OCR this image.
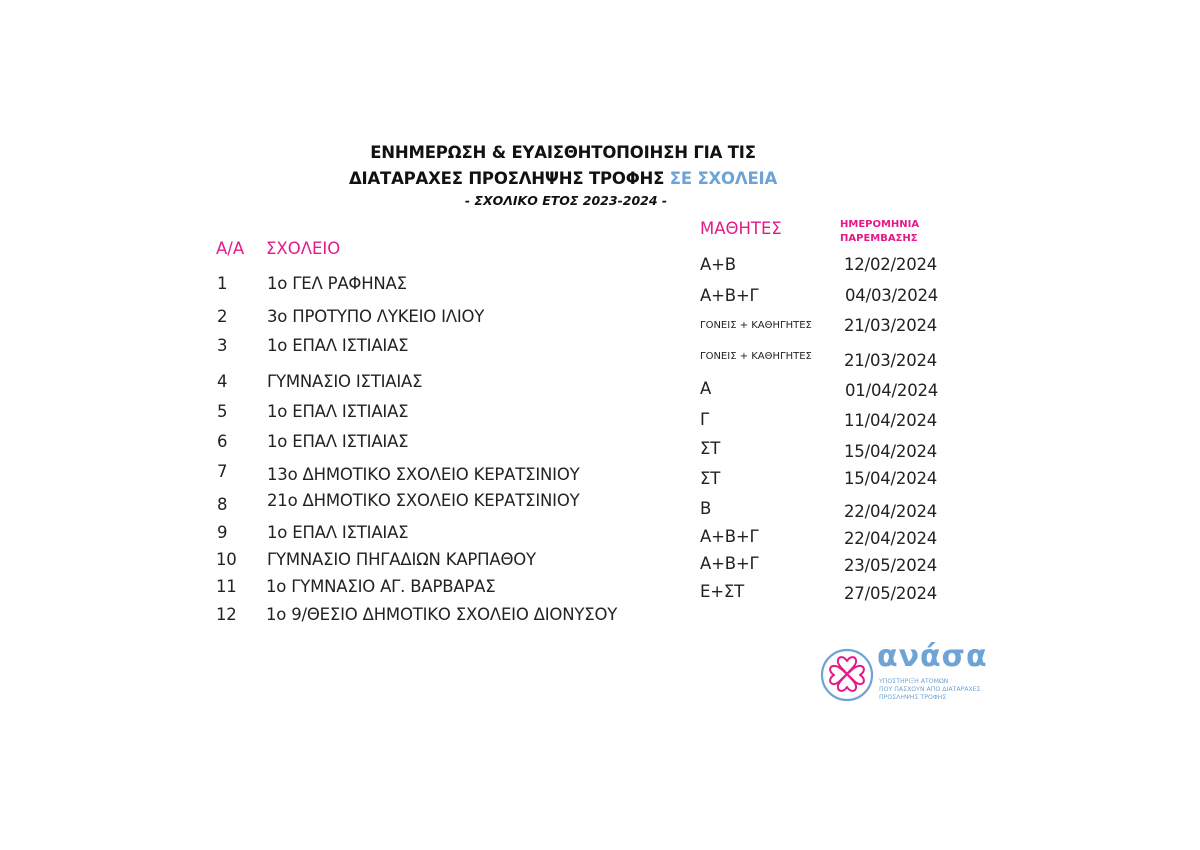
ΕΝΗΜΕΡΩΣΗ & ΕΥΑΙΣΘΗΤΟΠΟΙΗΣΗ ΓΙΑ ΤΙΣ
ΔΙΑΤΑΡΑΧΕΣ ΠΡΟΣΛΗΨΗΣ ΤΡΟΦΗΣ ΣΕ ΣΧΟΛΕΙΑ
- ΣΧΟΛΙΚΟ ΕΤΟΣ 2023-2024 -
Α/Α ΣΧΟΛΕΙΟ
ΜΑΘΗΤΕΣ	ΗΜΕΡΟΜΗΝΙΑ
ΠΑΡΕΜΒΑΣΗΣ
1
2
3
4
5
6
7
8
9
10
11
12
1ο ΓΕΛ ΡΑΦΗΝΑΣ
3ο ΠΡΟΤΥΠΟ ΛΥΚΕΙΟ ΙΛΙΟΥ
1ο ΕΠΑΛ ΙΣΤΙΑΙΑΣ
ΓΥΜΝΑΣΙΟ ΙΣΤΙΑΙΑΣ
1ο ΕΠΑΛ ΙΣΤΙΑΙΑΣ
1ο ΕΠΑΛ ΙΣΤΙΑΙΑΣ
13ο ΔΗΜΟΤΙΚΟ ΣΧΟΛΕΙΟ ΚΕΡΑΤΣΙΝΙΟΥ
21ο ΔΗΜΟΤΙΚΟ ΣΧΟΛΕΙΟ ΚΕΡΑΤΣΙΝΙΟΥ
1ο ΕΠΑΛ ΙΣΤΙΑΙΑΣ
ΓΥΜΝΑΣΙΟ ΠΗΓΑΔΙΩΝ ΚΑΡΠΑΘΟΥ
1ο ΓΥΜΝΑΣΙΟ ΑΓ. ΒΑΡΒΑΡΑΣ
1ο 9/ΘΕΣΙΟ ΔΗΜΟΤΙΚΟ ΣΧΟΛΕΙΟ ΔΙΟΝΥΣΟΥ
Α+Β
Α+Β+Γ
ΓΟΝΕΙΣ + ΚΑΘΗΓΗΤΕΣ
ΓΟΝΕΙΣ + ΚΑΘΗΓΗΤΕΣ
Α
Γ
ΣΤ
ΣΤ
Β
Α+Β+Γ
Α+Β+Γ
Ε+ΣΤ
12/02/2024
04/03/2024
21/03/2024
21/03/2024
01/04/2024
11/04/2024
15/04/2024
15/04/2024
22/04/2024
22/04/2024
23/05/2024
27/05/2024
ανάσα
ΥΠΟΣΤΗΡΙΞΗ ΑΤΟΜΩΝ
ΠΟΥ ΠΑΣΧΟΥΝ ΑΠΟ ΔΙΑΤΑΡΑΧΕΣ
ΠΡΟΣΛΗΨΗΣ ΤΡΟΦΗΣ
